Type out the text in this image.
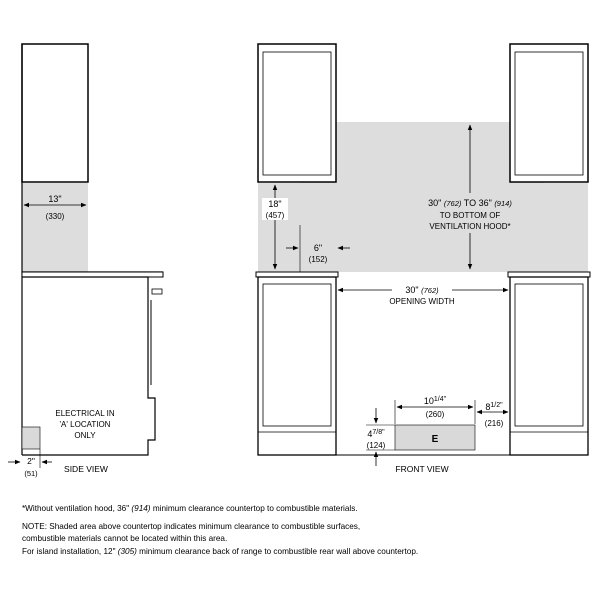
13"
(330)
ELECTRICAL IN
'A' LOCATION
ONLY
2"
(51)	SIDE VIEW
18"
(457)
30" (762) TO 36" (914)
TO BOTTOM OF
VENTILATION HOOD*
6"
(152)
30" (762)
OPENING WIDTH
E
$10^{1/4"}$
(260)
$4^{7/8"}$
(124)
$8^{1/2"}$
(216)
FRONT VIEW
*Without ventilation hood, 36" (914) minimum clearance countertop to combustible materials.
NOTE: Shaded area above countertop indicates minimum clearance to combustible surfaces,
combustible materials cannot be located within this area.
For island installation, 12" (305) minimum clearance back of range to combustible rear wall above countertop.
